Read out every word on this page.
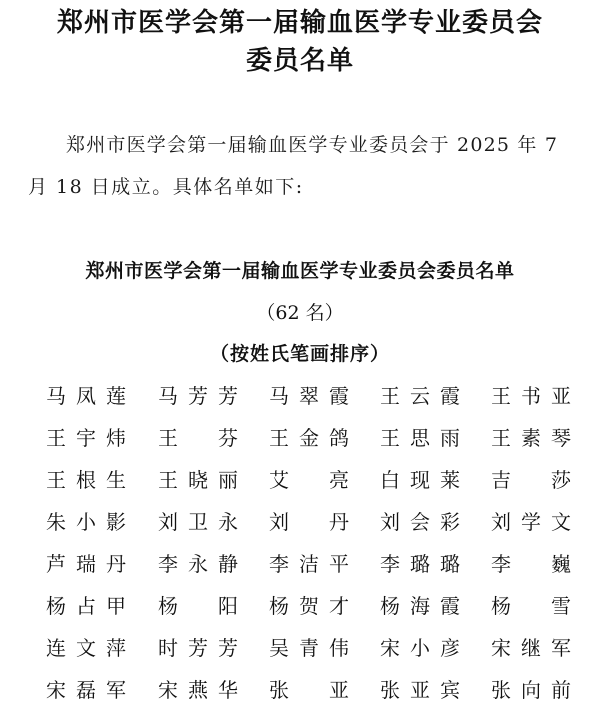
郑州市医学会第一届输血医学专业委员会
委员名单

郑州市医学会第一届输血医学专业委员会于 2025 年 7

月 18 日成立。具体名单如下:

郑州市医学会第一届输血医学专业委员会委员名单
（62 名）
（按姓氏笔画排序）
马凤莲 马芳芳 马翠霞 王云霞 王书亚
王宇炜 王芬 王金鸽 王思雨 王素琴
王根生 王晓丽 艾亮 白现莱 吉莎
朱小影 刘卫永 刘丹 刘会彩 刘学文
芦瑞丹 李永静 李洁平 李璐璐 李巍
杨占甲 杨阳 杨贺才 杨海霞 杨雪
连文萍 时芳芳 吴青伟 宋小彦 宋继军
宋磊军 宋燕华 张亚 张亚宾 张向前
